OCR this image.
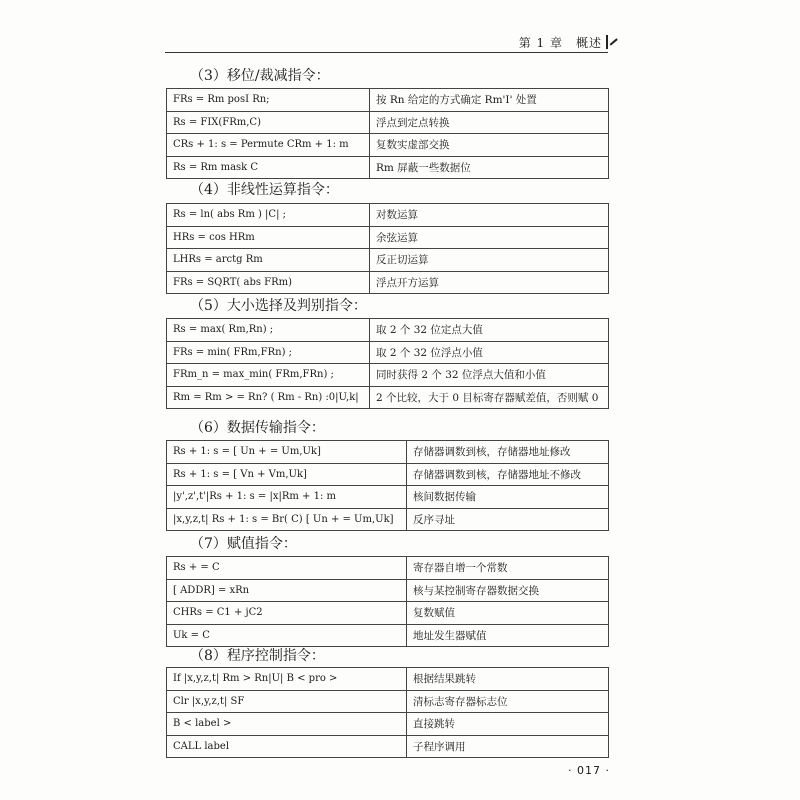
第 1 章　概述
（3）移位/裁减指令：
FRs = Rm posI Rn;	按 Rn 给定的方式确定 Rm'I' 处置
Rs = FIX(FRm,C)	浮点到定点转换
CRs + 1: s = Permute CRm + 1: m	复数实虚部交换
Rs = Rm mask C	Rm 屏蔽一些数据位
（4）非线性运算指令：
Rs = ln( abs Rm ) |C| ;	对数运算
HRs = cos HRm	余弦运算
LHRs = arctg Rm	反正切运算
FRs = SQRT( abs FRm)	浮点开方运算
（5）大小选择及判别指令：
Rs = max( Rm,Rn) ;	取 2 个 32 位定点大值
FRs = min( FRm,FRn) ;	取 2 个 32 位浮点小值
FRm_n = max_min( FRm,FRn) ;	同时获得 2 个 32 位浮点大值和小值
Rm = Rm > = Rn? ( Rm - Rn) :0|U,k|	2 个比较，大于 0 目标寄存器赋差值，否则赋 0
（6）数据传输指令：
Rs + 1: s = [ Un + = Um,Uk]	存储器调数到核，存储器地址修改
Rs + 1: s = [ Vn + Vm,Uk]	存储器调数到核，存储器地址不修改
|y',z',t'|Rs + 1: s = |x|Rm + 1: m	核间数据传输
|x,y,z,t| Rs + 1: s = Br( C) [ Un + = Um,Uk]	反序寻址
（7）赋值指令：
Rs + = C	寄存器自增一个常数
[ ADDR] = xRn	核与某控制寄存器数据交换
CHRs = C1 + jC2	复数赋值
Uk = C	地址发生器赋值
（8）程序控制指令：
If |x,y,z,t| Rm > Rn|U| B < pro >	根据结果跳转
Clr |x,y,z,t| SF	清标志寄存器标志位
B < label >	直接跳转
CALL label	子程序调用
· 017 ·
